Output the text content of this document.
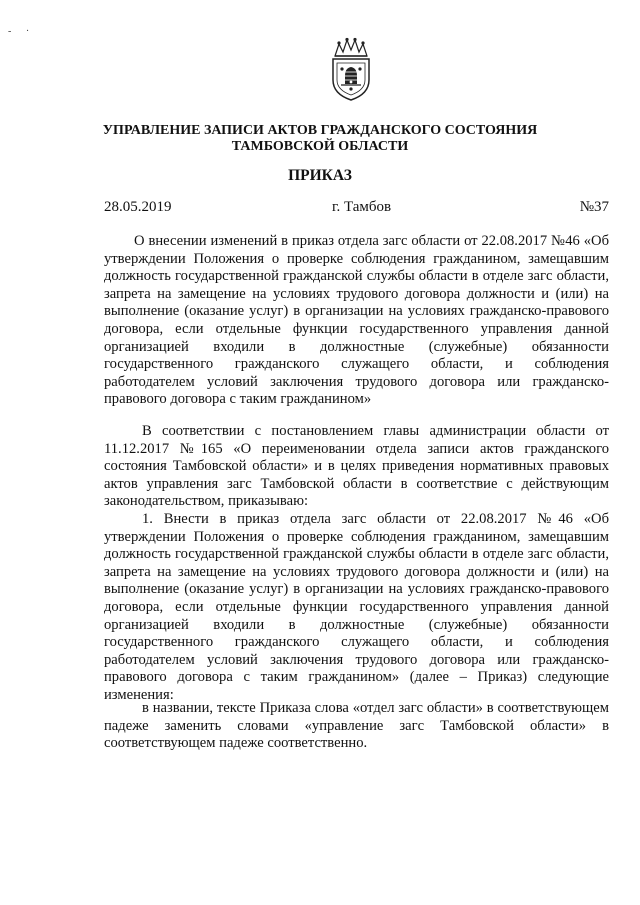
‐ ·
УПРАВЛЕНИЕ ЗАПИСИ АКТОВ ГРАЖДАНСКОГО СОСТОЯНИЯ
ТАМБОВСКОЙ ОБЛАСТИ
ПРИКАЗ
28.05.2019	г. Тамбов	№37

О внесении изменений в приказ отдела загс области от 22.08.2017 №46 «Об утверждении Положения о проверке соблюдения гражданином, замещавшим должность государственной гражданской службы области в отделе загс области, запрета на замещение на условиях трудового договора должности и (или) на выполнение (оказание услуг) в организации на условиях гражданско-правового договора, если отдельные функции государственного управления данной организацией входили в должностные (служебные) обязанности государственного гражданского служащего области, и соблюдения работодателем условий заключения трудового договора или гражданско-правового договора с таким гражданином»

В соответствии с постановлением главы администрации области от 11.12.2017 №165 «О переименовании отдела записи актов гражданского состояния Тамбовской области» и в целях приведения нормативных правовых актов управления загс Тамбовской области в соответствие с действующим законодательством, приказываю:

1. Внести в приказ отдела загс области от 22.08.2017 №46 «Об утверждении Положения о проверке соблюдения гражданином, замещавшим должность государственной гражданской службы области в отделе загс области, запрета на замещение на условиях трудового договора должности и (или) на выполнение (оказание услуг) в организации на условиях гражданско-правового договора, если отдельные функции государственного управления данной организацией входили в должностные (служебные) обязанности государственного гражданского служащего области, и соблюдения работодателем условий заключения трудового договора или гражданско-правового договора с таким гражданином» (далее – Приказ) следующие изменения:

в названии, тексте Приказа слова «отдел загс области» в соответствующем падеже заменить словами «управление загс Тамбовской области» в соответствующем падеже соответственно.
